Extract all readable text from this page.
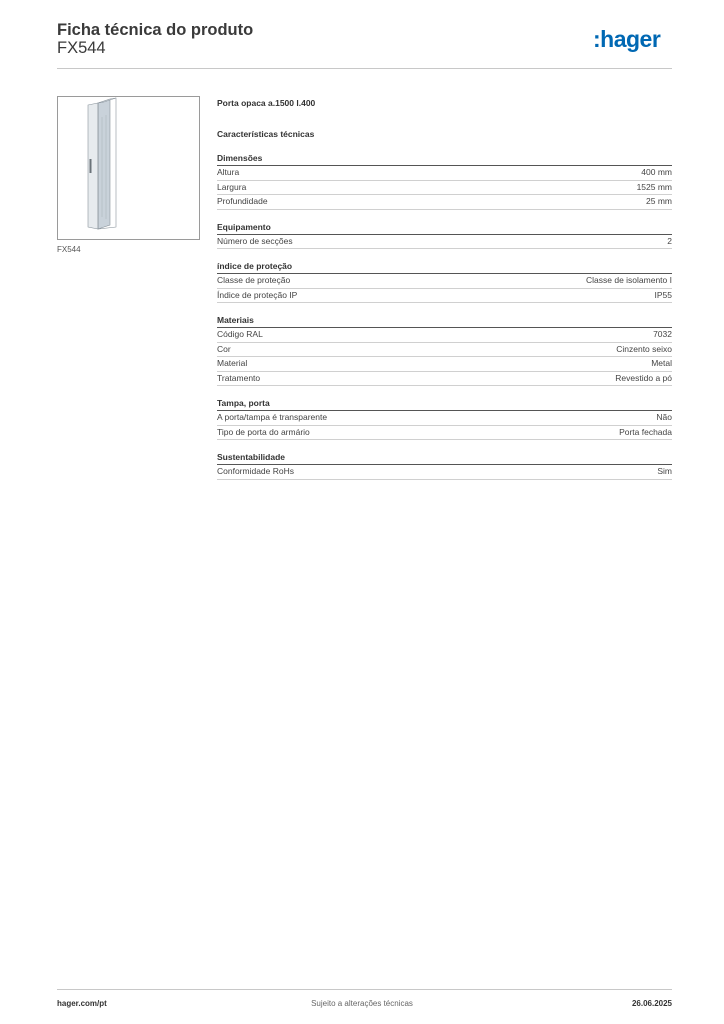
Ficha técnica do produto
FX544	:hager
FX544
Porta opaca a.1500 l.400
Características técnicas
Dimensões
Altura	400 mm
Largura	1525 mm
Profundidade	25 mm
Equipamento
Número de secções	2
índice de proteção
Classe de proteção	Classe de isolamento I
Índice de proteção IP	IP55
Materiais
Código RAL	7032
Cor	Cinzento seixo
Material	Metal
Tratamento	Revestido a pó
Tampa, porta
A porta/tampa é transparente	Não
Tipo de porta do armário	Porta fechada
Sustentabilidade
Conformidade RoHs	Sim
hager.com/pt	Sujeito a alterações técnicas	26.06.2025
